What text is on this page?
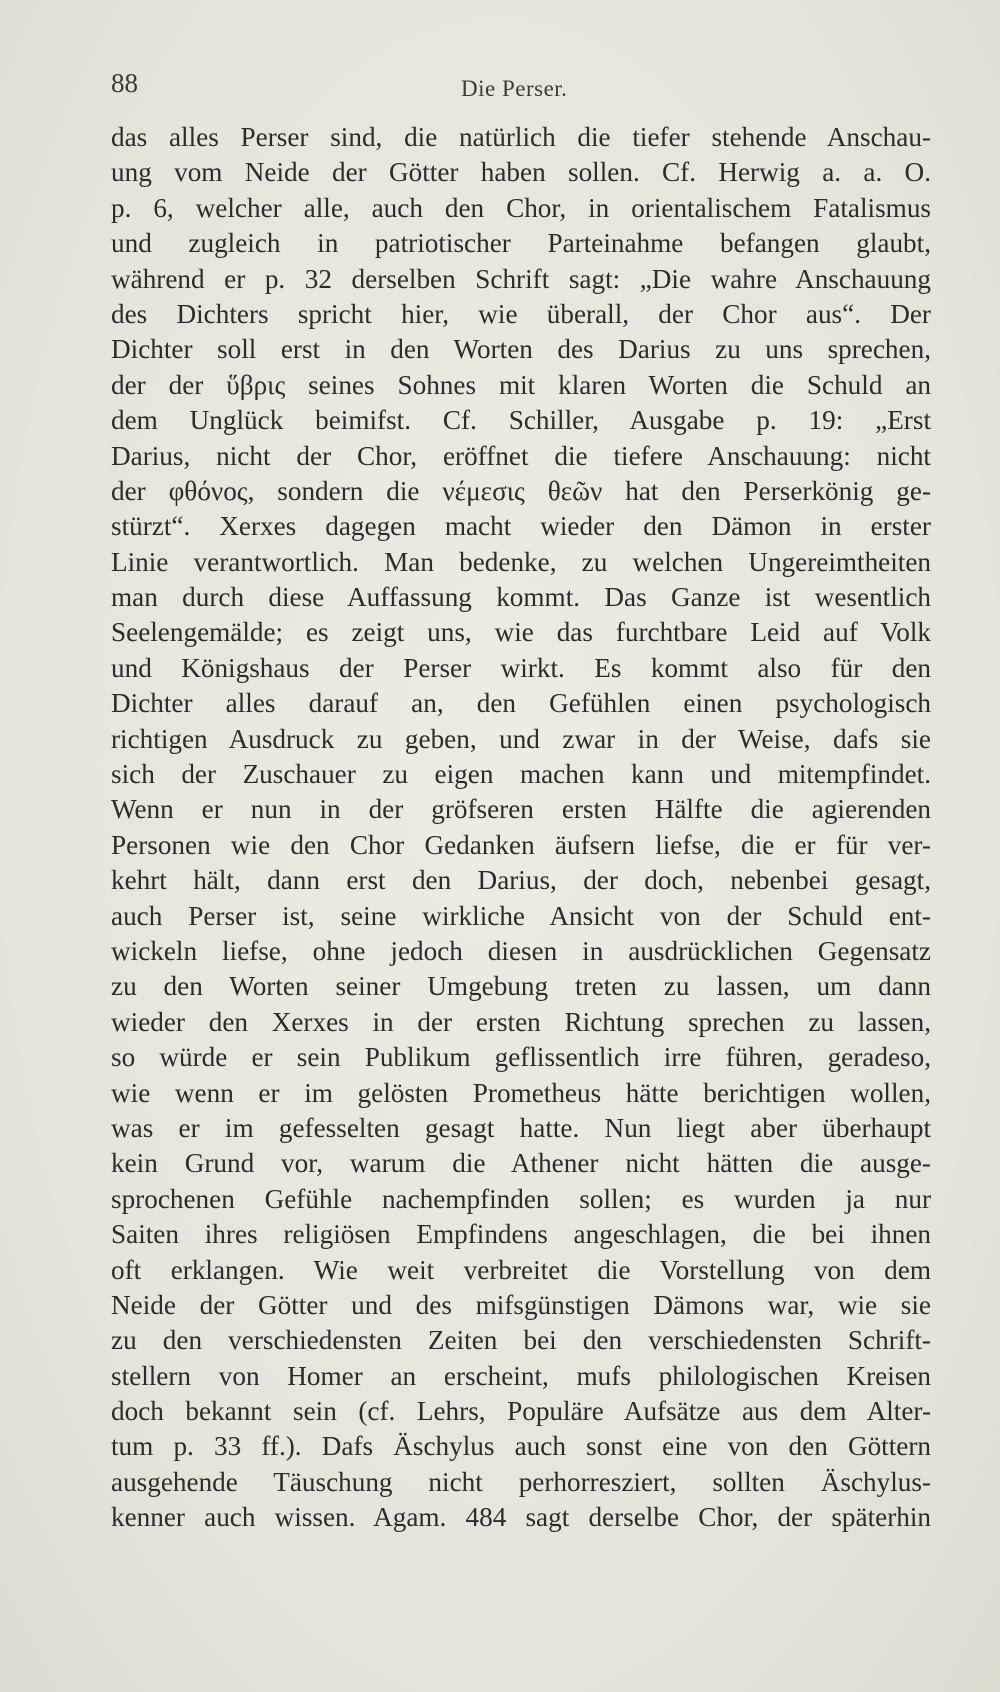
88	Die Perser.
das alles Perser sind, die natürlich die tiefer stehende Anschau-
ung vom Neide der Götter haben sollen. Cf. Herwig a. a. O.
p. 6, welcher alle, auch den Chor, in orientalischem Fatalismus
und zugleich in patriotischer Parteinahme befangen glaubt,
während er p. 32 derselben Schrift sagt: „Die wahre Anschauung
des Dichters spricht hier, wie überall, der Chor aus“. Der
Dichter soll erst in den Worten des Darius zu uns sprechen,
der der ὕβρις seines Sohnes mit klaren Worten die Schuld an
dem Unglück beimifst. Cf. Schiller, Ausgabe p. 19: „Erst
Darius, nicht der Chor, eröffnet die tiefere Anschauung: nicht
der φθόνος, sondern die νέμεσις θεῶν hat den Perserkönig ge-
stürzt“. Xerxes dagegen macht wieder den Dämon in erster
Linie verantwortlich. Man bedenke, zu welchen Ungereimtheiten
man durch diese Auffassung kommt. Das Ganze ist wesentlich
Seelengemälde; es zeigt uns, wie das furchtbare Leid auf Volk
und Königshaus der Perser wirkt. Es kommt also für den
Dichter alles darauf an, den Gefühlen einen psychologisch
richtigen Ausdruck zu geben, und zwar in der Weise, dafs sie
sich der Zuschauer zu eigen machen kann und mitempfindet.
Wenn er nun in der gröfseren ersten Hälfte die agierenden
Personen wie den Chor Gedanken äufsern liefse, die er für ver-
kehrt hält, dann erst den Darius, der doch, nebenbei gesagt,
auch Perser ist, seine wirkliche Ansicht von der Schuld ent-
wickeln liefse, ohne jedoch diesen in ausdrücklichen Gegensatz
zu den Worten seiner Umgebung treten zu lassen, um dann
wieder den Xerxes in der ersten Richtung sprechen zu lassen,
so würde er sein Publikum geflissentlich irre führen, geradeso,
wie wenn er im gelösten Prometheus hätte berichtigen wollen,
was er im gefesselten gesagt hatte. Nun liegt aber überhaupt
kein Grund vor, warum die Athener nicht hätten die ausge-
sprochenen Gefühle nachempfinden sollen; es wurden ja nur
Saiten ihres religiösen Empfindens angeschlagen, die bei ihnen
oft erklangen. Wie weit verbreitet die Vorstellung von dem
Neide der Götter und des mifsgünstigen Dämons war, wie sie
zu den verschiedensten Zeiten bei den verschiedensten Schrift-
stellern von Homer an erscheint, mufs philologischen Kreisen
doch bekannt sein (cf. Lehrs, Populäre Aufsätze aus dem Alter-
tum p. 33 ff.). Dafs Äschylus auch sonst eine von den Göttern
ausgehende Täuschung nicht perhorresziert, sollten Äschylus-
kenner auch wissen. Agam. 484 sagt derselbe Chor, der späterhin
